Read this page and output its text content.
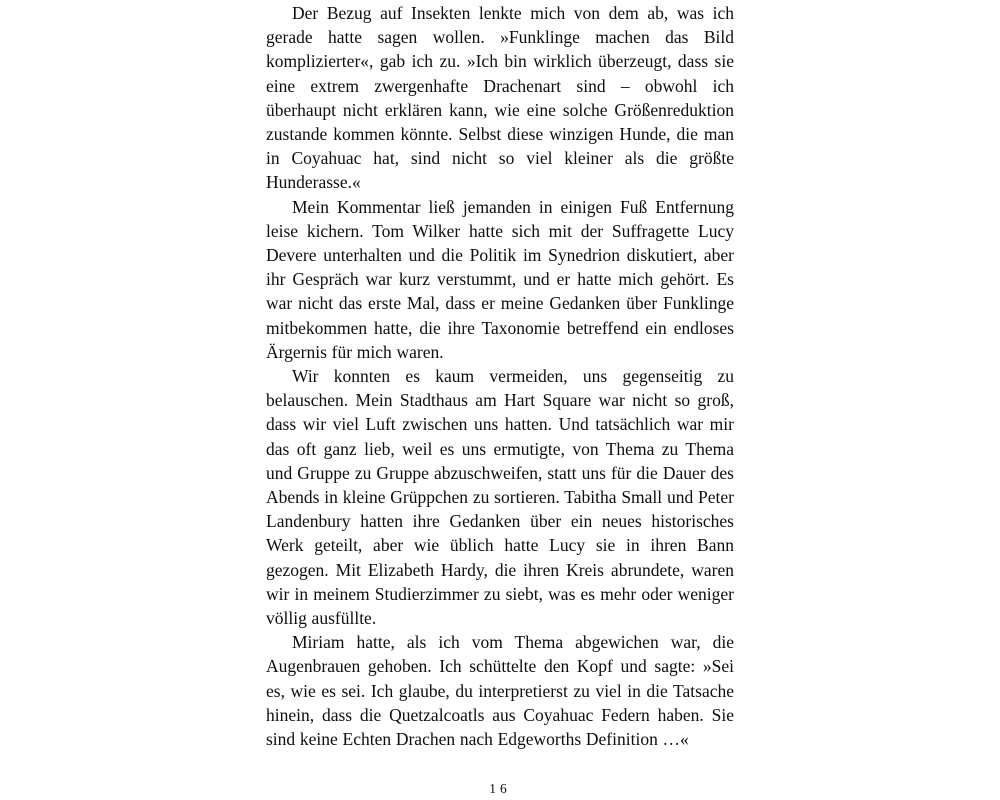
Der Bezug auf Insekten lenkte mich von dem ab, was ich gerade hatte sagen wollen. »Funklinge machen das Bild komplizierter«, gab ich zu. »Ich bin wirklich überzeugt, dass sie eine extrem zwergenhafte Drachenart sind – obwohl ich überhaupt nicht erklären kann, wie eine solche Größenreduktion zustande kommen könnte. Selbst diese winzigen Hunde, die man in Coyahuac hat, sind nicht so viel kleiner als die größte Hunderasse.«

Mein Kommentar ließ jemanden in einigen Fuß Entfernung leise kichern. Tom Wilker hatte sich mit der Suffragette Lucy Devere unterhalten und die Politik im Synedrion diskutiert, aber ihr Gespräch war kurz verstummt, und er hatte mich gehört. Es war nicht das erste Mal, dass er meine Gedanken über Funklinge mitbekommen hatte, die ihre Taxonomie betreffend ein endloses Ärgernis für mich waren.

Wir konnten es kaum vermeiden, uns gegenseitig zu belauschen. Mein Stadthaus am Hart Square war nicht so groß, dass wir viel Luft zwischen uns hatten. Und tatsächlich war mir das oft ganz lieb, weil es uns ermutigte, von Thema zu Thema und Gruppe zu Gruppe abzuschweifen, statt uns für die Dauer des Abends in kleine Grüppchen zu sortieren. Tabitha Small und Peter Landenbury hatten ihre Gedanken über ein neues historisches Werk geteilt, aber wie üblich hatte Lucy sie in ihren Bann gezogen. Mit Elizabeth Hardy, die ihren Kreis abrundete, waren wir in meinem Studierzimmer zu siebt, was es mehr oder weniger völlig ausfüllte.

Miriam hatte, als ich vom Thema abgewichen war, die Augenbrauen gehoben. Ich schüttelte den Kopf und sagte: »Sei es, wie es sei. Ich glaube, du interpretierst zu viel in die Tatsache hinein, dass die Quetzalcoatls aus Coyahuac Federn haben. Sie sind keine Echten Drachen nach Edgeworths Definition …«

16
